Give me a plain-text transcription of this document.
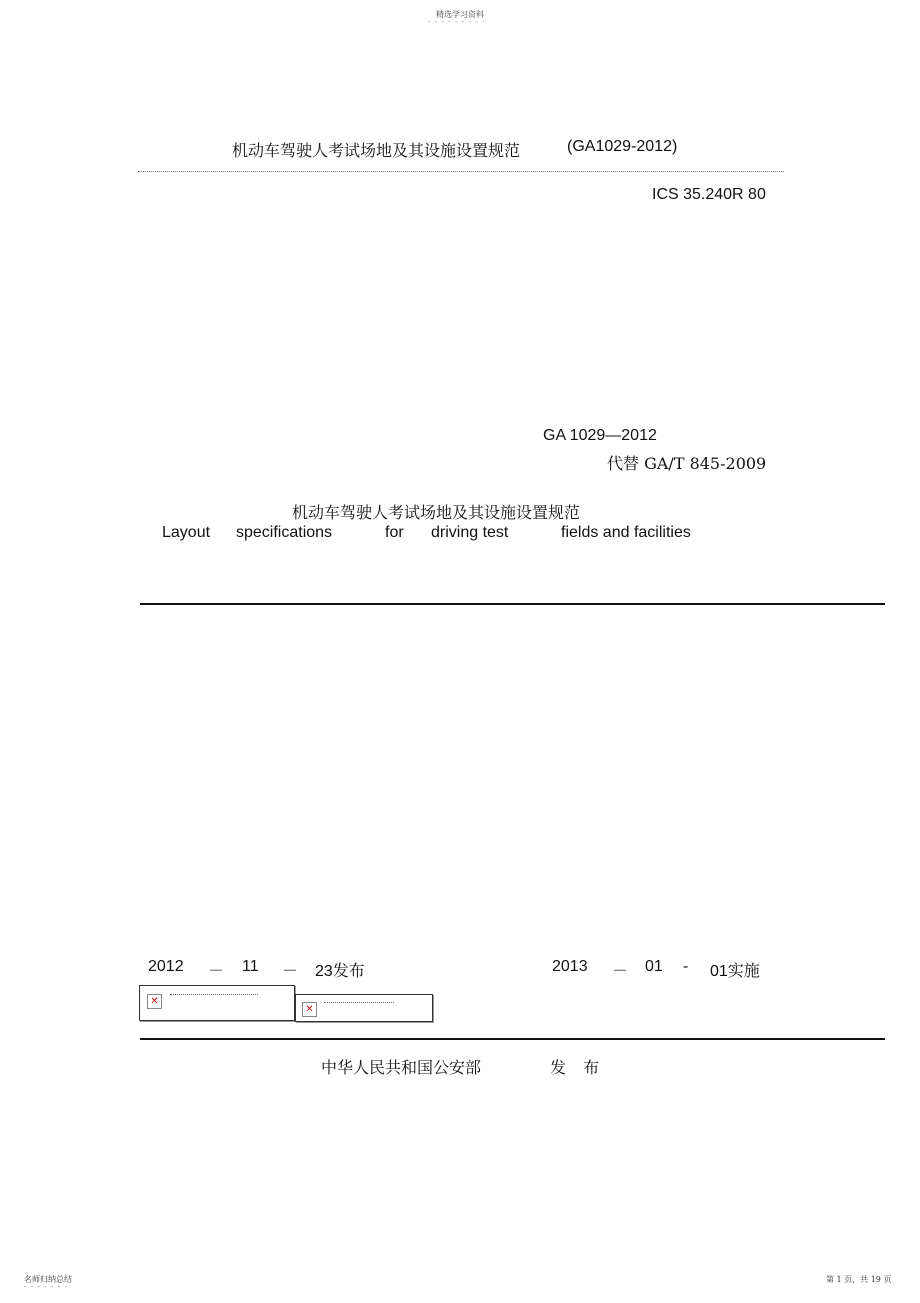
精选学习资料
- - - - - - - - -
机动车驾驶人考试场地及其设施设置规范	(GA1029-2012)
ICS 35.240R 80
GA 1029—2012
代替 GA/T 845-2009
机动车驾驶人考试场地及其设施设置规范
Layout specifications	for driving test	fields and facilities
2012 － 11 － 23发布	2013 － 01 - 01实施
✕
✕
中华人民共和国公安部	发 布
名师归纳总结
- - - - - - -
第 1 页，共 19 页
